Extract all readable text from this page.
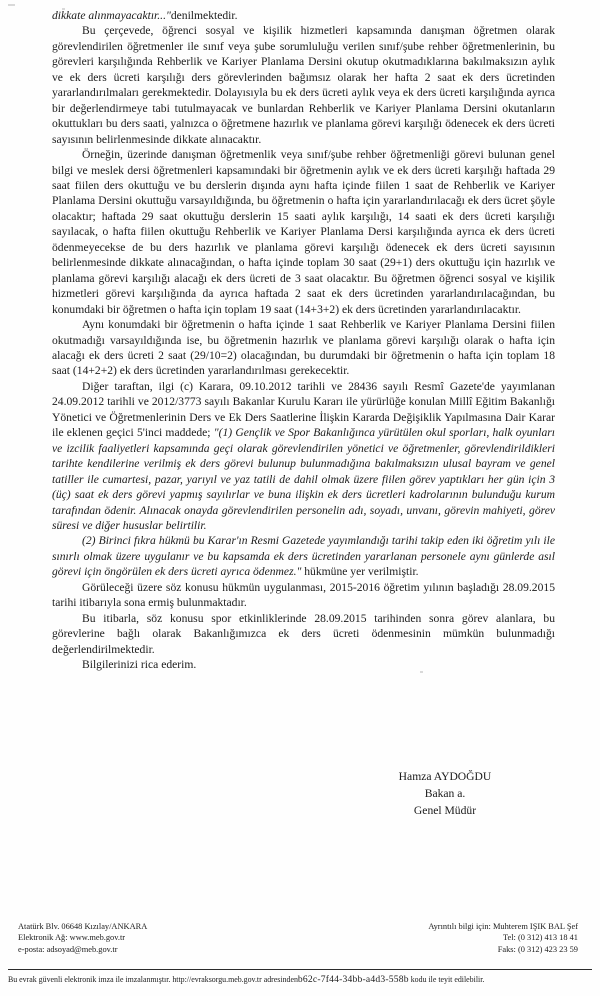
dikkate alınmayacaktır..."denilmektedir.

Bu çerçevede, öğrenci sosyal ve kişilik hizmetleri kapsamında danışman öğretmen olarak görevlendirilen öğretmenler ile sınıf veya şube sorumluluğu verilen sınıf/şube rehber öğretmenlerinin, bu görevleri karşılığında Rehberlik ve Kariyer Planlama Dersini okutup okutmadıklarına bakılmaksızın aylık ve ek ders ücreti karşılığı ders görevlerinden bağımsız olarak her hafta 2 saat ek ders ücretinden yararlandırılmaları gerekmektedir. Dolayısıyla bu ek ders ücreti aylık veya ek ders ücreti karşılığında ayrıca bir değerlendirmeye tabi tutulmayacak ve bunlardan Rehberlik ve Kariyer Planlama Dersini okutanların okuttukları bu ders saati, yalnızca o öğretmene hazırlık ve planlama görevi karşılığı ödenecek ek ders ücreti sayısının belirlenmesinde dikkate alınacaktır.

Örneğin, üzerinde danışman öğretmenlik veya sınıf/şube rehber öğretmenliği görevi bulunan genel bilgi ve meslek dersi öğretmenleri kapsamındaki bir öğretmenin aylık ve ek ders ücreti karşılığı haftada 29 saat fiilen ders okuttuğu ve bu derslerin dışında aynı hafta içinde fiilen 1 saat de Rehberlik ve Kariyer Planlama Dersini okuttuğu varsayıldığında, bu öğretmenin o hafta için yararlandırılacağı ek ders ücret şöyle olacaktır; haftada 29 saat okuttuğu derslerin 15 saati aylık karşılığı, 14 saati ek ders ücreti karşılığı sayılacak, o hafta fiilen okuttuğu Rehberlik ve Kariyer Planlama Dersi karşılığında ayrıca ek ders ücreti ödenmeyecekse de bu ders hazırlık ve planlama görevi karşılığı ödenecek ek ders ücreti sayısının belirlenmesinde dikkate alınacağından, o hafta içinde toplam 30 saat (29+1) ders okuttuğu için hazırlık ve planlama görevi karşılığı alacağı ek ders ücreti de 3 saat olacaktır. Bu öğretmen öğrenci sosyal ve kişilik hizmetleri görevi karşılığında da ayrıca haftada 2 saat ek ders ücretinden yararlandırılacağından, bu konumdaki bir öğretmen o hafta için toplam 19 saat (14+3+2) ek ders ücretinden yararlandırılacaktır.

Aynı konumdaki bir öğretmenin o hafta içinde 1 saat Rehberlik ve Kariyer Planlama Dersini fiilen okutmadığı varsayıldığında ise, bu öğretmenin hazırlık ve planlama görevi karşılığı olarak o hafta için alacağı ek ders ücreti 2 saat (29/10=2) olacağından, bu durumdaki bir öğretmenin o hafta için toplam 18 saat (14+2+2) ek ders ücretinden yararlandırılması gerekecektir.

Diğer taraftan, ilgi (c) Karara, 09.10.2012 tarihli ve 28436 sayılı Resmî Gazete'de yayımlanan 24.09.2012 tarihli ve 2012/3773 sayılı Bakanlar Kurulu Kararı ile yürürlüğe konulan Millî Eğitim Bakanlığı Yönetici ve Öğretmenlerinin Ders ve Ek Ders Saatlerine İlişkin Kararda Değişiklik Yapılmasına Dair Karar ile eklenen geçici 5'inci maddede; "(1) Gençlik ve Spor Bakanlığınca yürütülen okul sporları, halk oyunları ve izcilik faaliyetleri kapsamında geçi olarak görevlendirilen yönetici ve öğretmenler, görevlendirildikleri tarihte kendilerine verilmiş ek ders görevi bulunup bulunmadığına bakılmaksızın ulusal bayram ve genel tatiller ile cumartesi, pazar, yarıyıl ve yaz tatili de dahil olmak üzere fiilen görev yaptıkları her gün için 3 (üç) saat ek ders görevi yapmış sayılırlar ve buna ilişkin ek ders ücretleri kadrolarının bulunduğu kurum tarafından ödenir. Alınacak onayda görevlendirilen personelin adı, soyadı, unvanı, görevin mahiyeti, görev süresi ve diğer hususlar belirtilir.

(2) Birinci fıkra hükmü bu Karar'ın Resmi Gazetede yayımlandığı tarihi takip eden iki öğretim yılı ile sınırlı olmak üzere uygulanır ve bu kapsamda ek ders ücretinden yararlanan personele aynı günlerde asıl görevi için öngörülen ek ders ücreti ayrıca ödenmez." hükmüne yer verilmiştir.

Görüleceği üzere söz konusu hükmün uygulanması, 2015-2016 öğretim yılının başladığı 28.09.2015 tarihi itibarıyla sona ermiş bulunmaktadır.

Bu itibarla, söz konusu spor etkinliklerinde 28.09.2015 tarihinden sonra görev alanlara, bu görevlerine bağlı olarak Bakanlığımızca ek ders ücreti ödenmesinin mümkün bulunmadığı değerlendirilmektedir.

Bilgilerinizi rica ederim.

Hamza AYDOĞDU
Bakan a.
Genel Müdür
Atatürk Blv. 06648 Kızılay/ANKARA
Elektronik Ağ: www.meb.gov.tr
e-posta: adsoyad@meb.gov.tr
Ayrıntılı bilgi için: Muhterem IŞIK BAL Şef
Tel: (0 312) 413 18 41
Faks: (0 312) 423 23 59
Bu evrak güvenli elektronik imza ile imzalanmıştır. http://evraksorgu.meb.gov.tr adresindenb62c-7f44-34bb-a4d3-558b kodu ile teyit edilebilir.
